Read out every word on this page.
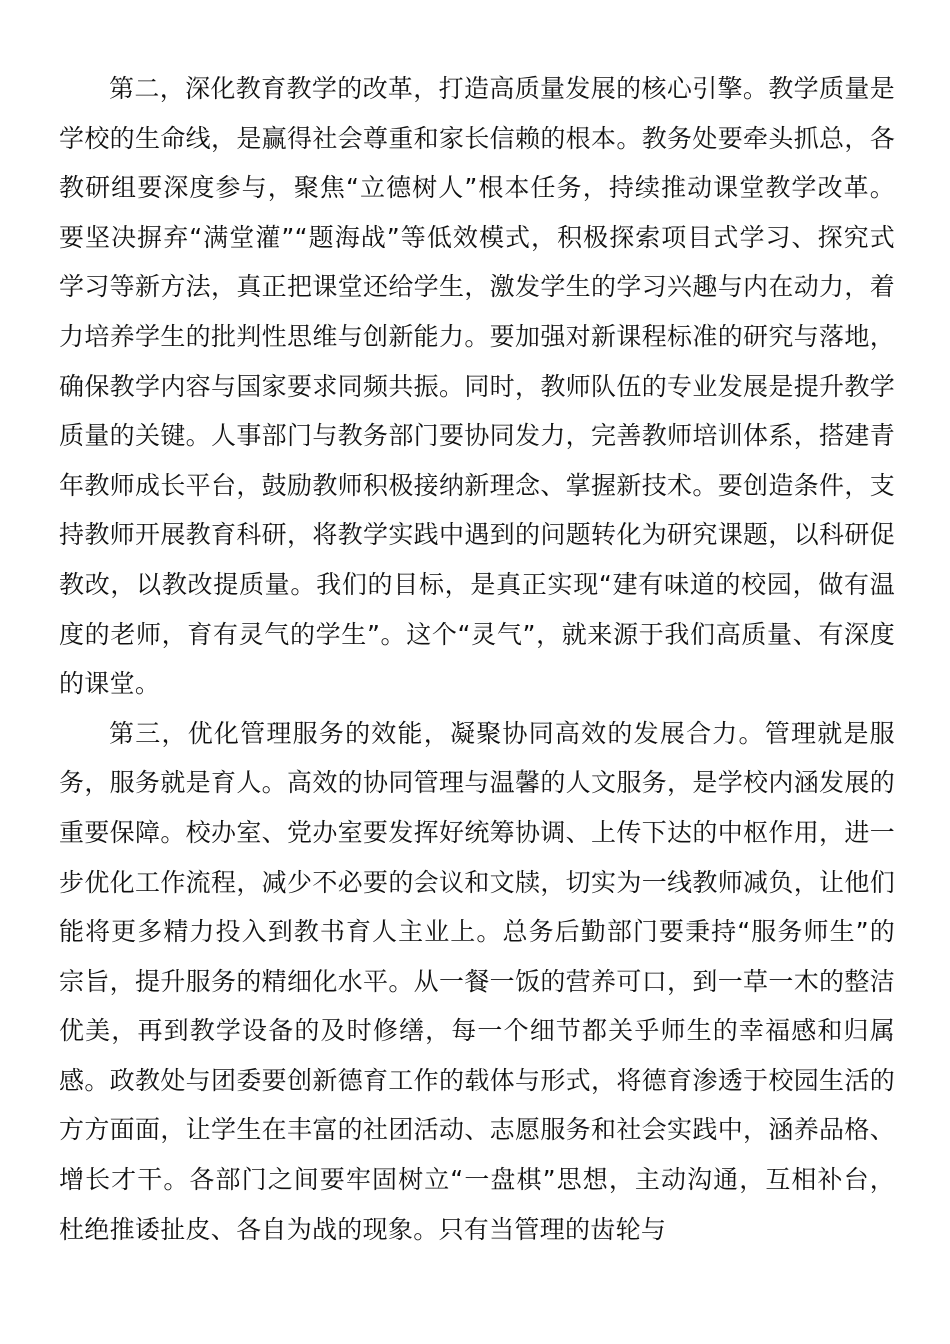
第二，深化教育教学的改革，打造高质量发展的核心引擎。教学质量是学校的生命线，是赢得社会尊重和家长信赖的根本。教务处要牵头抓总，各教研组要深度参与，聚焦“立德树人”根本任务，持续推动课堂教学改革。要坚决摒弃“满堂灌”“题海战”等低效模式，积极探索项目式学习、探究式学习等新方法，真正把课堂还给学生，激发学生的学习兴趣与内在动力，着力培养学生的批判性思维与创新能力。要加强对新课程标准的研究与落地，确保教学内容与国家要求同频共振。同时，教师队伍的专业发展是提升教学质量的关键。人事部门与教务部门要协同发力，完善教师培训体系，搭建青年教师成长平台，鼓励教师积极接纳新理念、掌握新技术。要创造条件，支持教师开展教育科研，将教学实践中遇到的问题转化为研究课题，以科研促教改，以教改提质量。我们的目标，是真正实现“建有味道的校园，做有温度的老师，育有灵气的学生”。这个“灵气”，就来源于我们高质量、有深度的课堂。

第三，优化管理服务的效能，凝聚协同高效的发展合力。管理就是服务，服务就是育人。高效的协同管理与温馨的人文服务，是学校内涵发展的重要保障。校办室、党办室要发挥好统筹协调、上传下达的中枢作用，进一步优化工作流程，减少不必要的会议和文牍，切实为一线教师减负，让他们能将更多精力投入到教书育人主业上。总务后勤部门要秉持“服务师生”的宗旨，提升服务的精细化水平。从一餐一饭的营养可口，到一草一木的整洁优美，再到教学设备的及时修缮，每一个细节都关乎师生的幸福感和归属感。政教处与团委要创新德育工作的载体与形式，将德育渗透于校园生活的方方面面，让学生在丰富的社团活动、志愿服务和社会实践中，涵养品格、增长才干。各部门之间要牢固树立“一盘棋”思想，主动沟通，互相补台，杜绝推诿扯皮、各自为战的现象。只有当管理的齿轮与
